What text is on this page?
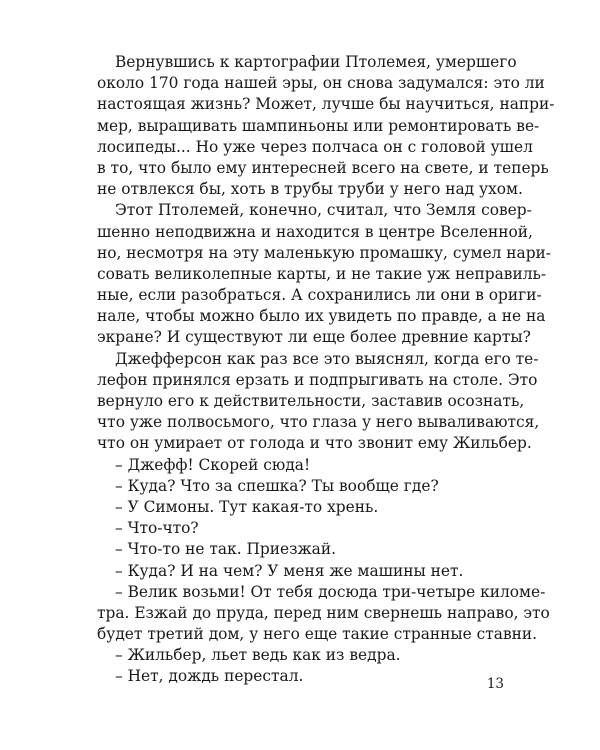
Вернувшись к картографии Птолемея, умершего
около 170 года нашей эры, он снова задумался: это ли
настоящая жизнь? Может, лучше бы научиться, напри-
мер, выращивать шампиньоны или ремонтировать ве-
лосипеды... Но уже через полчаса он с головой ушел
в то, что было ему интересней всего на свете, и теперь
не отвлекся бы, хоть в трубы труби у него над ухом.
Этот Птолемей, конечно, считал, что Земля совер-
шенно неподвижна и находится в центре Вселенной,
но, несмотря на эту маленькую промашку, сумел нари-
совать великолепные карты, и не такие уж неправиль-
ные, если разобраться. А сохранились ли они в ориги-
нале, чтобы можно было их увидеть по правде, а не на
экране? И существуют ли еще более древние карты?
Джефферсон как раз все это выяснял, когда его те-
лефон принялся ерзать и подпрыгивать на столе. Это
вернуло его к действительности, заставив осознать,
что уже полвосьмого, что глаза у него вываливаются,
что он умирает от голода и что звонит ему Жильбер.
– Джефф! Скорей сюда!
– Куда? Что за спешка? Ты вообще где?
– У Симоны. Тут какая-то хрень.
– Что-что?
– Что-то не так. Приезжай.
– Куда? И на чем? У меня же машины нет.
– Велик возьми! От тебя досюда три-четыре киломе-
тра. Езжай до пруда, перед ним свернешь направо, это
будет третий дом, у него еще такие странные ставни.
– Жильбер, льет ведь как из ведра.
– Нет, дождь перестал.	13
